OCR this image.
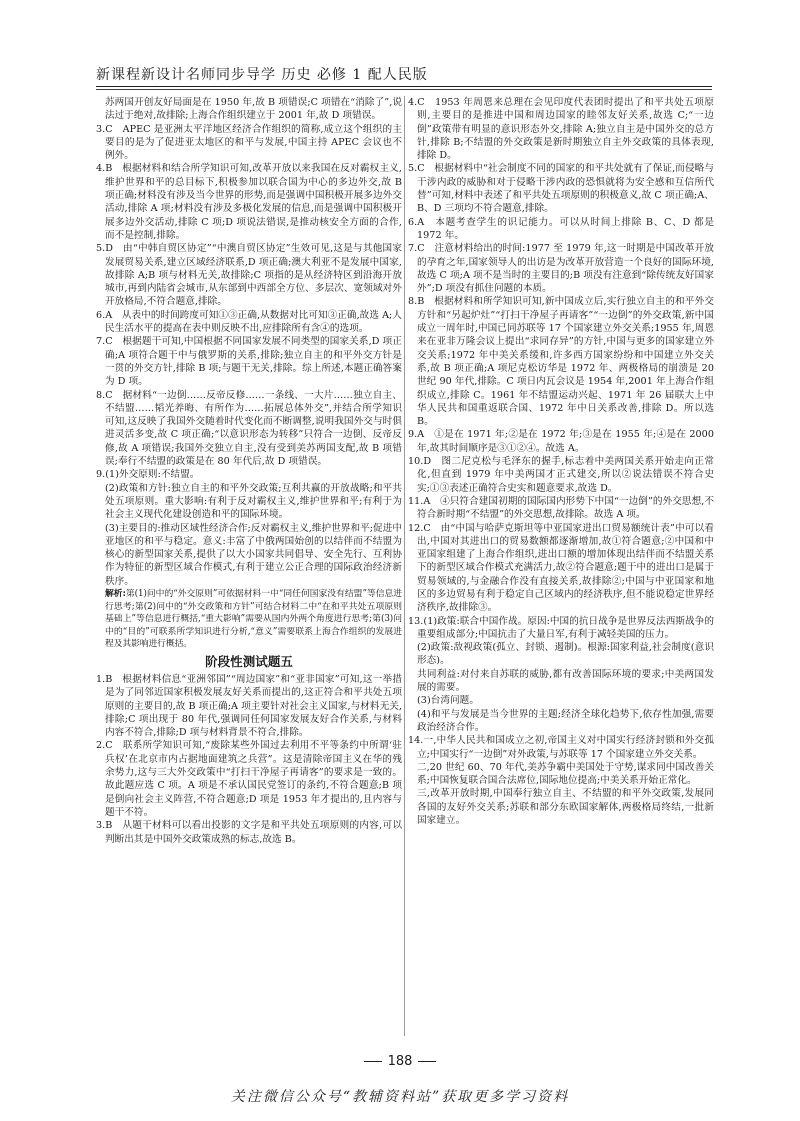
新课程新设计名师同步导学 历史 必修 1 配人民版

苏两国开创友好局面是在 1950 年,故 B 项错误;C 项错在“消除了”,说法过于绝对,故排除;上海合作组织建立于 2001 年,故 D 项错误。

3.C　APEC 是亚洲太平洋地区经济合作组织的简称,成立这个组织的主要目的是为了促进亚太地区的和平与发展,中国主持 APEC 会议也不例外。

4.B　根据材料和结合所学知识可知,改革开放以来我国在反对霸权主义,维护世界和平的总目标下,积极参加以联合国为中心的多边外交,故 B 项正确;材料没有涉及当今世界的形势,而是强调中国积极开展多边外交活动,排除 A 项;材料没有涉及多极化发展的信息,而是强调中国积极开展多边外交活动,排除 C 项;D 项说法错误,是推动核安全方面的合作,而不是控制,排除。

5.D　由“中韩自贸区协定”“中澳自贸区协定”生效可见,这是与其他国家发展贸易关系,建立区域经济联系,D 项正确;澳大利亚不是发展中国家,故排除 A;B 项与材料无关,故排除;C 项指的是从经济特区到沿海开放城市,再到内陆省会城市,从东部到中西部全方位、多层次、宽领域对外开放格局,不符合题意,排除。

6.A　从表中的时间跨度可知①③正确,从数据对比可知③正确,故选 A;人民生活水平的提高在表中则反映不出,应排除所有含④的选项。

7.C　根据题干可知,中国根据不同国家发展不同类型的国家关系,D 项正确;A 项符合题干中与俄罗斯的关系,排除;独立自主的和平外交方针是一贯的外交方针,排除 B 项;与题干无关,排除。综上所述,本题正确答案为 D 项。

8.C　据材料“一边倒……反帝反修……一条线、一大片……独立自主、不结盟……韬光养晦、有所作为……拓展总体外交”,并结合所学知识可知,这反映了我国外交随着时代变化而不断调整,说明我国外交与时俱进灵活多变,故 C 项正确;“以意识形态为转移”只符合一边倒、反帝反修,故 A 项错误;我国外交独立自主,没有受到美苏两国支配,故 B 项错误;奉行不结盟的政策是在 80 年代后,故 D 项错误。

9.(1)外交原则:不结盟。

(2)政策和方针:独立自主的和平外交政策;互利共赢的开放战略;和平共处五项原则。重大影响:有利于反对霸权主义,维护世界和平;有利于为社会主义现代化建设创造和平的国际环境。

(3)主要目的:推动区域性经济合作;反对霸权主义,维护世界和平;促进中亚地区的和平与稳定。意义:丰富了中俄两国始创的以结伴而不结盟为核心的新型国家关系,提供了以大小国家共同倡导、安全先行、互利协作为特征的新型区域合作模式,有利于建立公正合理的国际政治经济新秩序。

解析:第(1)问中的“外交原则”可依据材料一中“同任何国家没有结盟”等信息进行思考;第(2)问中的“外交政策和方针”可结合材料二中“在和平共处五项原则基础上”等信息进行概括,“重大影响”需要从国内外两个角度进行思考;第(3)问中的“目的”可联系所学知识进行分析,“意义”需要联系上海合作组织的发展进程及其影响进行概括。

阶段性测试题五

1.B　根据材料信息“亚洲邻国”“周边国家”和“亚非国家”可知,这一举措是为了同邻近国家积极发展友好关系而提出的,这正符合和平共处五项原则的主要目的,故 B 项正确;A 项主要针对社会主义国家,与材料无关,排除;C 项出现于 80 年代,强调同任何国家发展友好合作关系,与材料内容不符合,排除;D 项与材料背景不符合,排除。

2.C　联系所学知识可知,“废除某些外国过去利用不平等条约中所谓‘驻兵权’在北京市内占据地面建筑之兵营”。这是清除帝国主义在华的残余势力,这与三大外交政策中“打扫干净屋子再请客”的要求是一致的。故此题应选 C 项。A 项是不承认国民党签订的条约,不符合题意;B 项是倒向社会主义阵营,不符合题意;D 项是 1953 年才提出的,且内容与题干不符。

3.B　从题干材料可以看出投影的文字是和平共处五项原则的内容,可以判断出其是中国外交政策成熟的标志,故选 B。

4.C　1953 年周恩来总理在会见印度代表团时提出了和平共处五项原则,主要目的是推进中国和周边国家的睦邻友好关系,故选 C;“一边倒”政策带有明显的意识形态外交,排除 A;独立自主是中国外交的总方针,排除 B;不结盟的外交政策是新时期独立自主外交政策的具体表现,排除 D。

5.C　根据材料中“社会制度不同的国家的和平共处就有了保证,而侵略与干涉内政的威胁和对于侵略干涉内政的恐惧就将为安全感和互信所代替”可知,材料中表述了和平共处五项原则的积极意义,故 C 项正确;A、B、D 三项均不符合题意,排除。

6.A　本题考查学生的识记能力。可以从时间上排除 B、C、D 都是 1972 年。

7.C　注意材料给出的时间:1977 至 1979 年,这一时期是中国改革开放的孕育之年,国家领导人的出访是为改革开放营造一个良好的国际环境,故选 C 项;A 项不是当时的主要目的;B 项没有注意到“除传统友好国家外”;D 项没有抓住问题的本质。

8.B　根据材料和所学知识可知,新中国成立后,实行独立自主的和平外交方针和“另起炉灶”“打扫干净屋子再请客”“一边倒”的外交政策,新中国成立一周年时,中国已同苏联等 17 个国家建立外交关系;1955 年,周恩来在亚非万隆会议上提出“求同存异”的方针,中国与更多的国家建立外交关系;1972 年中美关系缓和,许多西方国家纷纷和中国建立外交关系,故 B 项正确;A 项尼克松访华是 1972 年、两极格局的崩溃是 20 世纪 90 年代,排除。C 项日内瓦会议是 1954 年,2001 年上海合作组织成立,排除 C。1961 年不结盟运动兴起、1971 年 26 届联大上中华人民共和国重返联合国、1972 年中日关系改善,排除 D。所以选 B。

9.A　①是在 1971 年;②是在 1972 年;③是在 1955 年;④是在 2000 年,故其时间顺序是③①②④。故选 A。

10.D　图二尼克松与毛泽东的握手,标志着中美两国关系开始走向正常化,但直到 1979 年中美两国才正式建交,所以②说法错误不符合史实;①③表述正确符合史实和题意要求,故选 D。

11.A　④只符合建国初期的国际国内形势下中国“一边倒”的外交思想,不符合新时期“不结盟”的外交思想,故排除。故选 A 项。

12.C　由“中国与哈萨克斯坦等中亚国家进出口贸易额统计表”中可以看出,中国对其进出口的贸易数额都逐渐增加,故①符合题意;②中国和中亚国家组建了上海合作组织,进出口额的增加体现出结伴而不结盟关系下的新型区域合作模式充满活力,故②符合题意;题干中的进出口是属于贸易领域的,与金融合作没有直接关系,故排除②;中国与中亚国家和地区的多边贸易有利于稳定自己区域内的经济秩序,但不能说稳定世界经济秩序,故排除③。

13.(1)政策:联合中国作战。原因:中国的抗日战争是世界反法西斯战争的重要组成部分;中国抗击了大量日军,有利于减轻美国的压力。

(2)政策:敌视政策(孤立、封锁、遏制)。根源:国家利益,社会制度(意识形态)。

共同利益:对付来自苏联的威胁,都有改善国际环境的要求;中美两国发展的需要。

(3)台湾问题。

(4)和平与发展是当今世界的主题;经济全球化趋势下,依存性加强,需要政治经济合作。

14.一,中华人民共和国成立之初,帝国主义对中国实行经济封锁和外交孤立;中国实行“一边倒”对外政策,与苏联等 17 个国家建立外交关系。

二,20 世纪 60、70 年代,美苏争霸中美国处于守势,谋求同中国改善关系;中国恢复联合国合法席位,国际地位提高;中美关系开始正常化。

三,改革开放时期,中国奉行独立自主、不结盟的和平外交政策,发展同各国的友好外交关系;苏联和部分东欧国家解体,两极格局终结,一批新国家建立。

188
关注微信公众号“教辅资料站”获取更多学习资料
